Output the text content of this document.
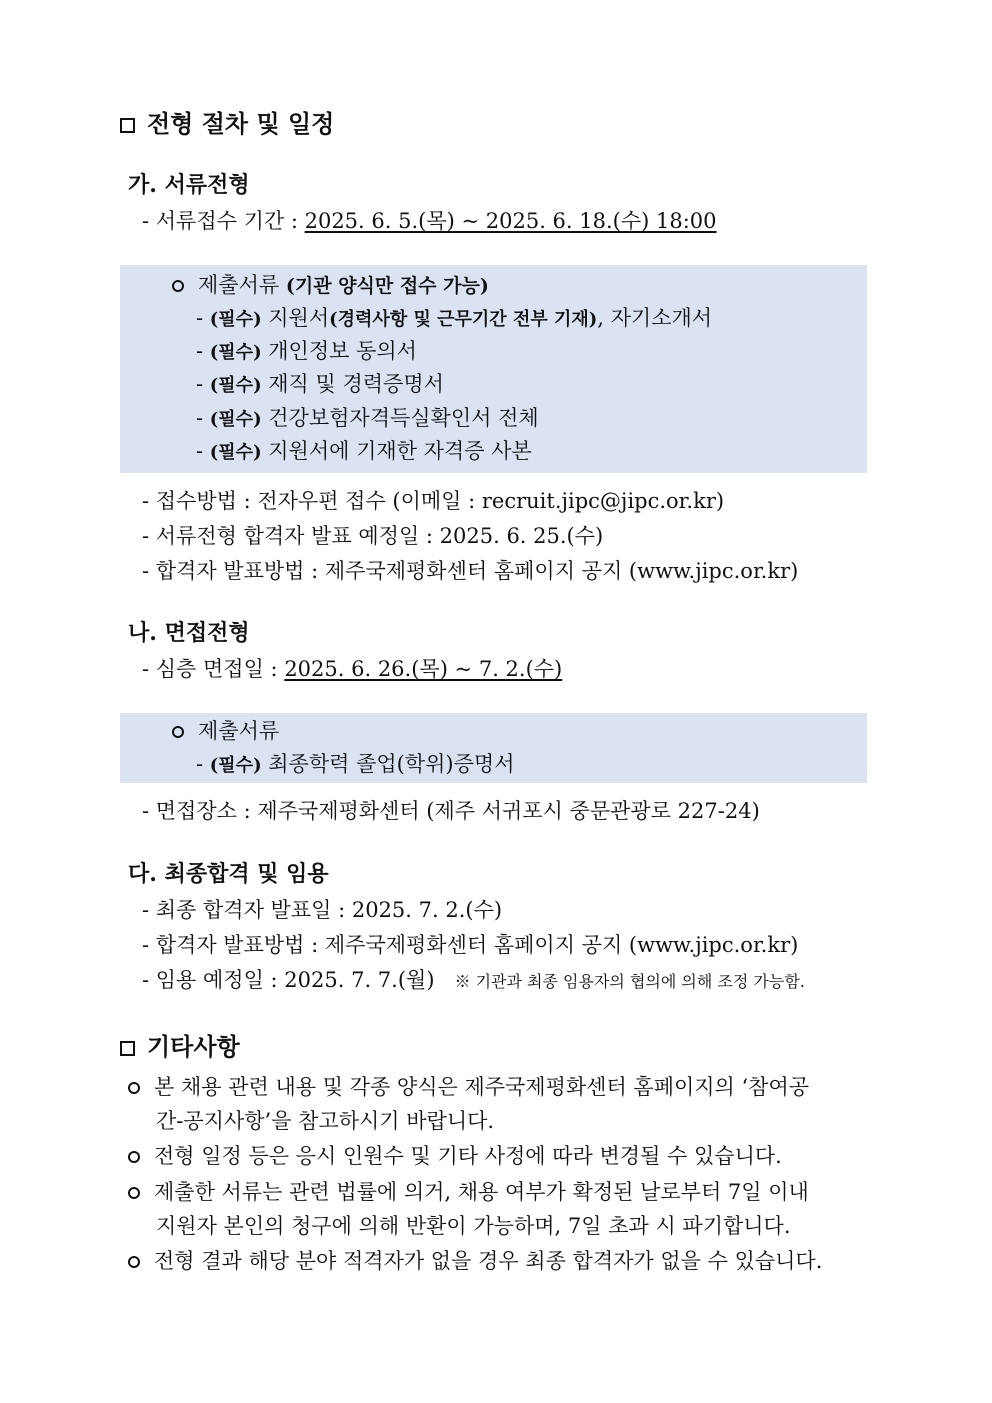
전형 절차 및 일정
가. 서류전형
- 서류접수 기간 : 2025. 6. 5.(목) ~ 2025. 6. 18.(수) 18:00
제출서류 (기관 양식만 접수 가능)
- (필수) 지원서(경력사항 및 근무기간 전부 기재), 자기소개서
- (필수) 개인정보 동의서
- (필수) 재직 및 경력증명서
- (필수) 건강보험자격득실확인서 전체
- (필수) 지원서에 기재한 자격증 사본
- 접수방법 : 전자우편 접수 (이메일 : recruit.jipc@jipc.or.kr)
- 서류전형 합격자 발표 예정일 : 2025. 6. 25.(수)
- 합격자 발표방법 : 제주국제평화센터 홈페이지 공지 (www.jipc.or.kr)
나. 면접전형
- 심층 면접일 : 2025. 6. 26.(목) ~ 7. 2.(수)
제출서류
- (필수) 최종학력 졸업(학위)증명서
- 면접장소 : 제주국제평화센터 (제주 서귀포시 중문관광로 227-24)
다. 최종합격 및 임용
- 최종 합격자 발표일 : 2025. 7. 2.(수)
- 합격자 발표방법 : 제주국제평화센터 홈페이지 공지 (www.jipc.or.kr)
- 임용 예정일 : 2025. 7. 7.(월) ※ 기관과 최종 임용자의 협의에 의해 조정 가능함.
기타사항
본 채용 관련 내용 및 각종 양식은 제주국제평화센터 홈페이지의 ‘참여공
간-공지사항’을 참고하시기 바랍니다.
전형 일정 등은 응시 인원수 및 기타 사정에 따라 변경될 수 있습니다.
제출한 서류는 관련 법률에 의거, 채용 여부가 확정된 날로부터 7일 이내
지원자 본인의 청구에 의해 반환이 가능하며, 7일 초과 시 파기합니다.
전형 결과 해당 분야 적격자가 없을 경우 최종 합격자가 없을 수 있습니다.
